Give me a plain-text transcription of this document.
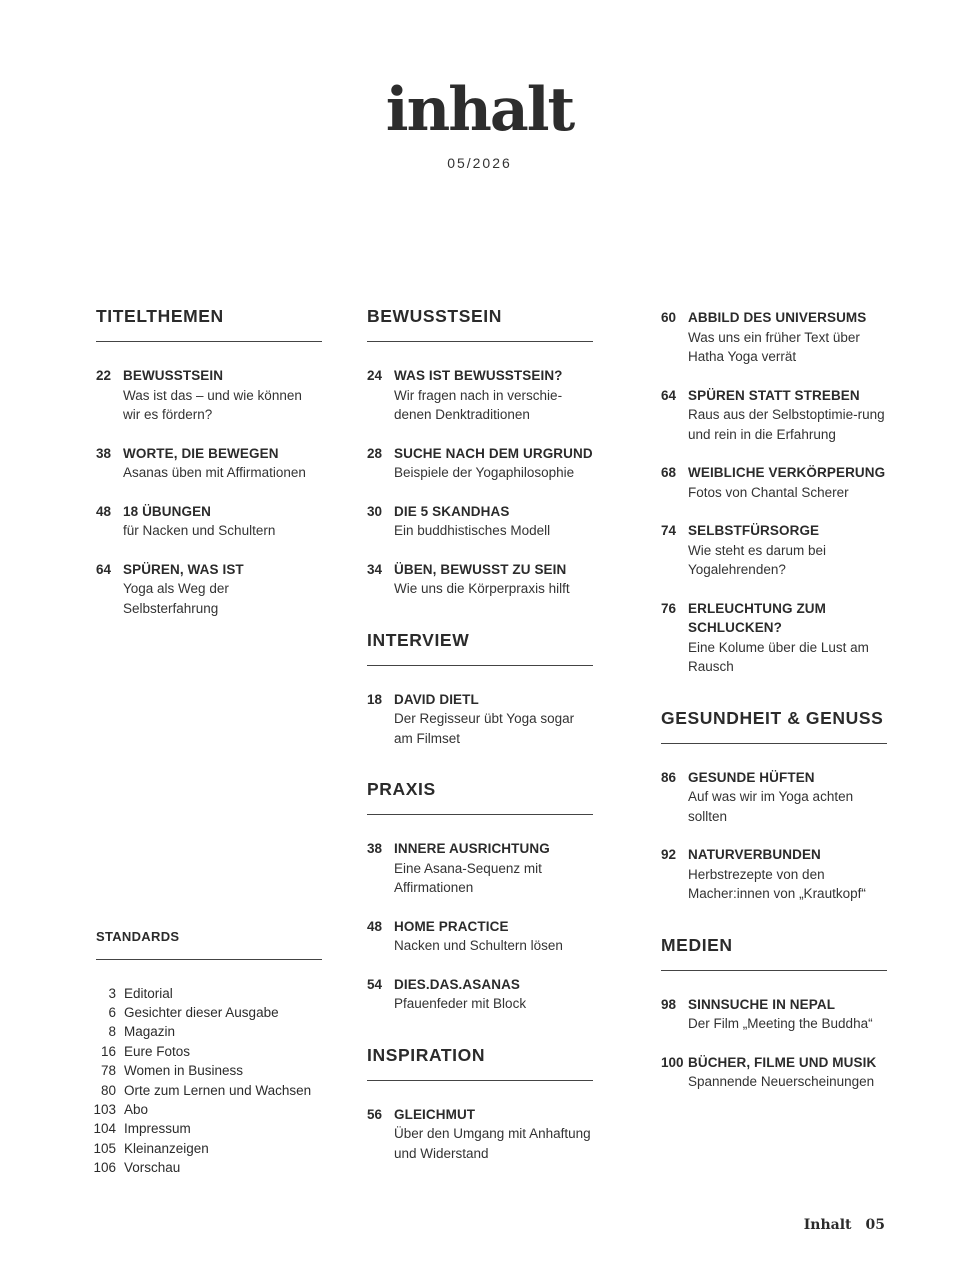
inhalt
05/2026
TITELTHEMEN
22 BEWUSSTSEIN
Was ist das – und wie können wir es fördern?
38 WORTE, DIE BEWEGEN
Asanas üben mit Affirmationen
48 18 ÜBUNGEN
für Nacken und Schultern
64 SPÜREN, WAS IST
Yoga als Weg der Selbsterfahrung
STANDARDS
3 Editorial
6 Gesichter dieser Ausgabe
8 Magazin
16 Eure Fotos
78 Women in Business
80 Orte zum Lernen und Wachsen
103 Abo
104 Impressum
105 Kleinanzeigen
106 Vorschau
BEWUSSTSEIN
24 WAS IST BEWUSSTSEIN?
Wir fragen nach in verschie-denen Denktraditionen
28 SUCHE NACH DEM URGRUND
Beispiele der Yogaphilosophie
30 DIE 5 SKANDHAS
Ein buddhistisches Modell
34 ÜBEN, BEWUSST ZU SEIN
Wie uns die Körperpraxis hilft
INTERVIEW
18 DAVID DIETL
Der Regisseur übt Yoga sogar am Filmset
PRAXIS
38 INNERE AUSRICHTUNG
Eine Asana-Sequenz mit Affirmationen
48 HOME PRACTICE
Nacken und Schultern lösen
54 DIES.DAS.ASANAS
Pfauenfeder mit Block
INSPIRATION
56 GLEICHMUT
Über den Umgang mit Anhaftung und Widerstand
60 ABBILD DES UNIVERSUMS
Was uns ein früher Text über Hatha Yoga verrät
64 SPÜREN STATT STREBEN
Raus aus der Selbstoptimie-rung und rein in die Erfahrung
68 WEIBLICHE VERKÖRPERUNG
Fotos von Chantal Scherer
74 SELBSTFÜRSORGE
Wie steht es darum bei Yogalehrenden?
76 ERLEUCHTUNG ZUM SCHLUCKEN?
Eine Kolume über die Lust am Rausch
GESUNDHEIT & GENUSS
86 GESUNDE HÜFTEN
Auf was wir im Yoga achten sollten
92 NATURVERBUNDEN
Herbstrezepte von den Macher:innen von „Krautkopf“
MEDIEN
98 SINNSUCHE IN NEPAL
Der Film „Meeting the Buddha“
100 BÜCHER, FILME UND MUSIK
Spannende Neuerscheinungen
Inhalt 05
